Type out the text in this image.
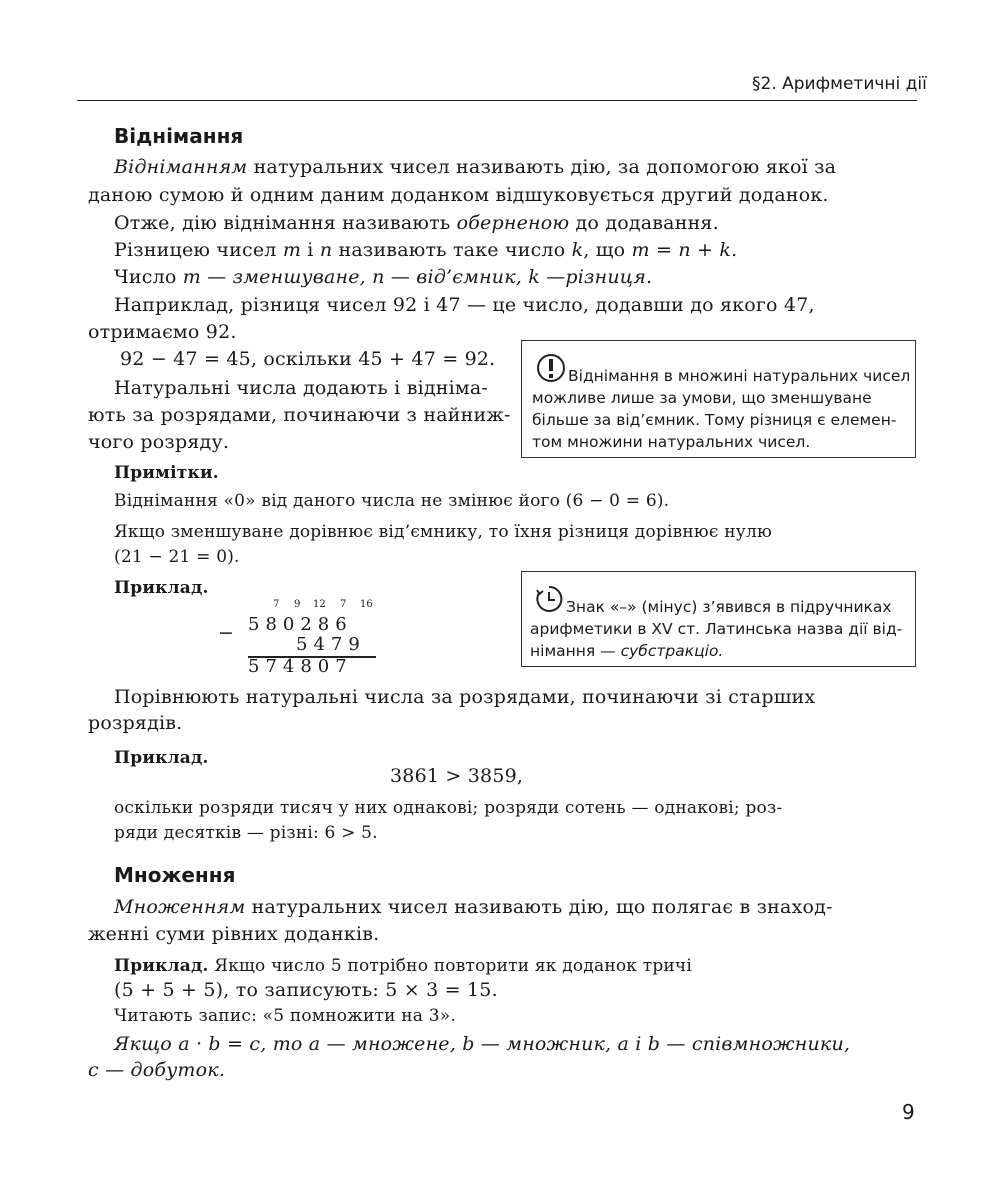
§2. Арифметичні дії
Віднімання
Відніманням натуральних чисел називають дію, за допомогою якої за
даною сумою й одним даним доданком відшуковується другий доданок.
Отже, дію віднімання називають оберненою до додавання.
Різницею чисел m і n називають таке число k, що m = n + k.
Число m — зменшуване, n — від’ємник, k —різниця.
Наприклад, різниця чисел 92 і 47 — це число, додавши до якого 47,
отримаємо 92.
92 − 47 = 45, оскільки 45 + 47 = 92.
Натуральні числа додають і відніма-
ють за розрядами, починаючи з найниж-
чого розряду.
Віднімання в множині натуральних чисел
можливе лише за умови, що зменшуване
більше за від’ємник. Тому різниця є елемен-
том множини натуральних чисел.
Примітки.
Віднімання «0» від даного числа не змінює його (6 − 0 = 6).
Якщо зменшуване дорівнює від’ємнику, то їхня різниця дорівнює нулю
(21 − 21 = 0).
Приклад.
7 9 12 7 16
− 580286
5479
574807
Знак «–» (мінус) з’явився в підручниках
арифметики в XV ст. Латинська назва дії від-
німання — субстракціо.
Порівнюють натуральні числа за розрядами, починаючи зі старших
розрядів.
Приклад.
3861 > 3859,
оскільки розряди тисяч у них однакові; розряди сотень — однакові; роз-
ряди десятків — різні: 6 > 5.
Множення
Множенням натуральних чисел називають дію, що полягає в знаход-
женні суми рівних доданків.
Приклад. Якщо число 5 потрібно повторити як доданок тричі
(5 + 5 + 5), то записують: 5 × 3 = 15.
Читають запис: «5 помножити на 3».
Якщо a · b = c, то a — множене, b — множник, a і b — співмножники,
c — добуток.
9
